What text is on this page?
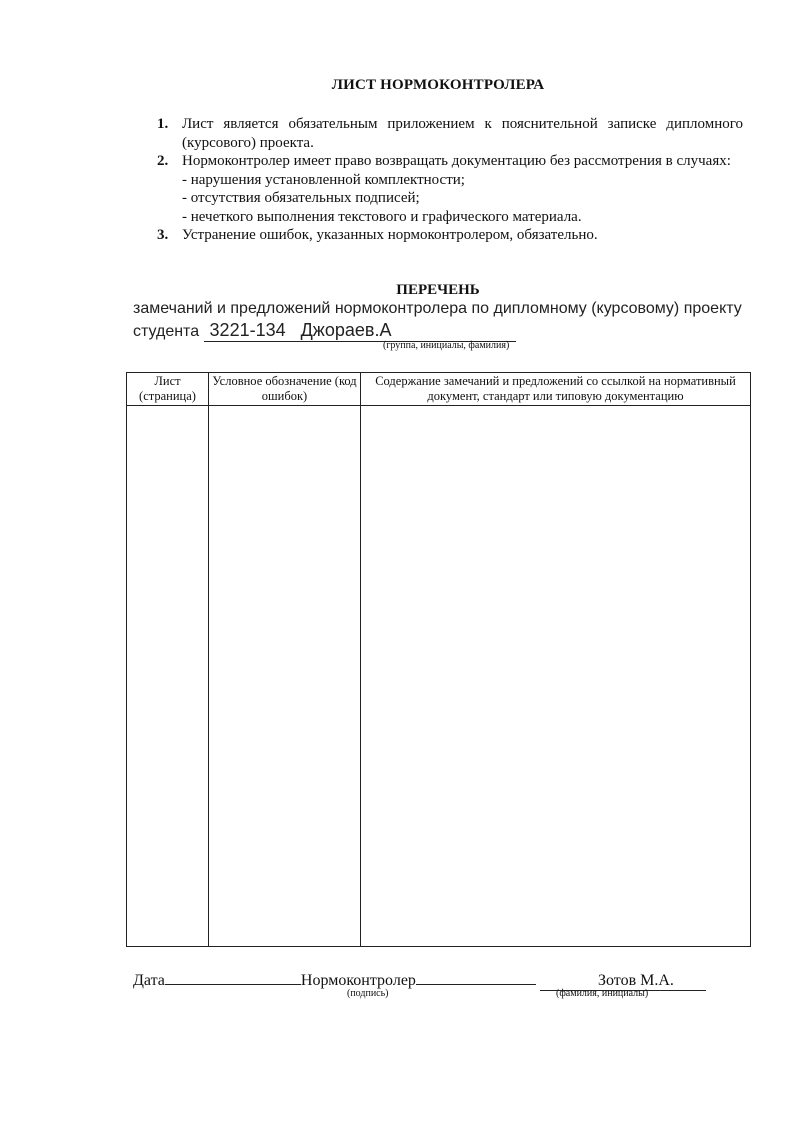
ЛИСТ НОРМОКОНТРОЛЕРА
1. Лист является обязательным приложением к пояснительной записке дипломного (курсового) проекта.
2. Нормоконтролер имеет право возвращать документацию без рассмотрения в случаях:
- нарушения установленной комплектности;
- отсутствия обязательных подписей;
- нечеткого выполнения текстового и графического материала.
3. Устранение ошибок, указанных нормоконтролером, обязательно.
ПЕРЕЧЕНЬ
замечаний и предложений нормоконтролера по дипломному (курсовому) проекту
студента 3221-134   Джораев.А
(группа, инициалы, фамилия)
Лист (страница)	Условное обозначение (код ошибок)	Содержание замечаний и предложений со ссылкой на нормативный документ, стандарт или типовую документацию

Дата	Нормоконтролер	Зотов М.А.
(подпись)	(фамилия, инициалы)
